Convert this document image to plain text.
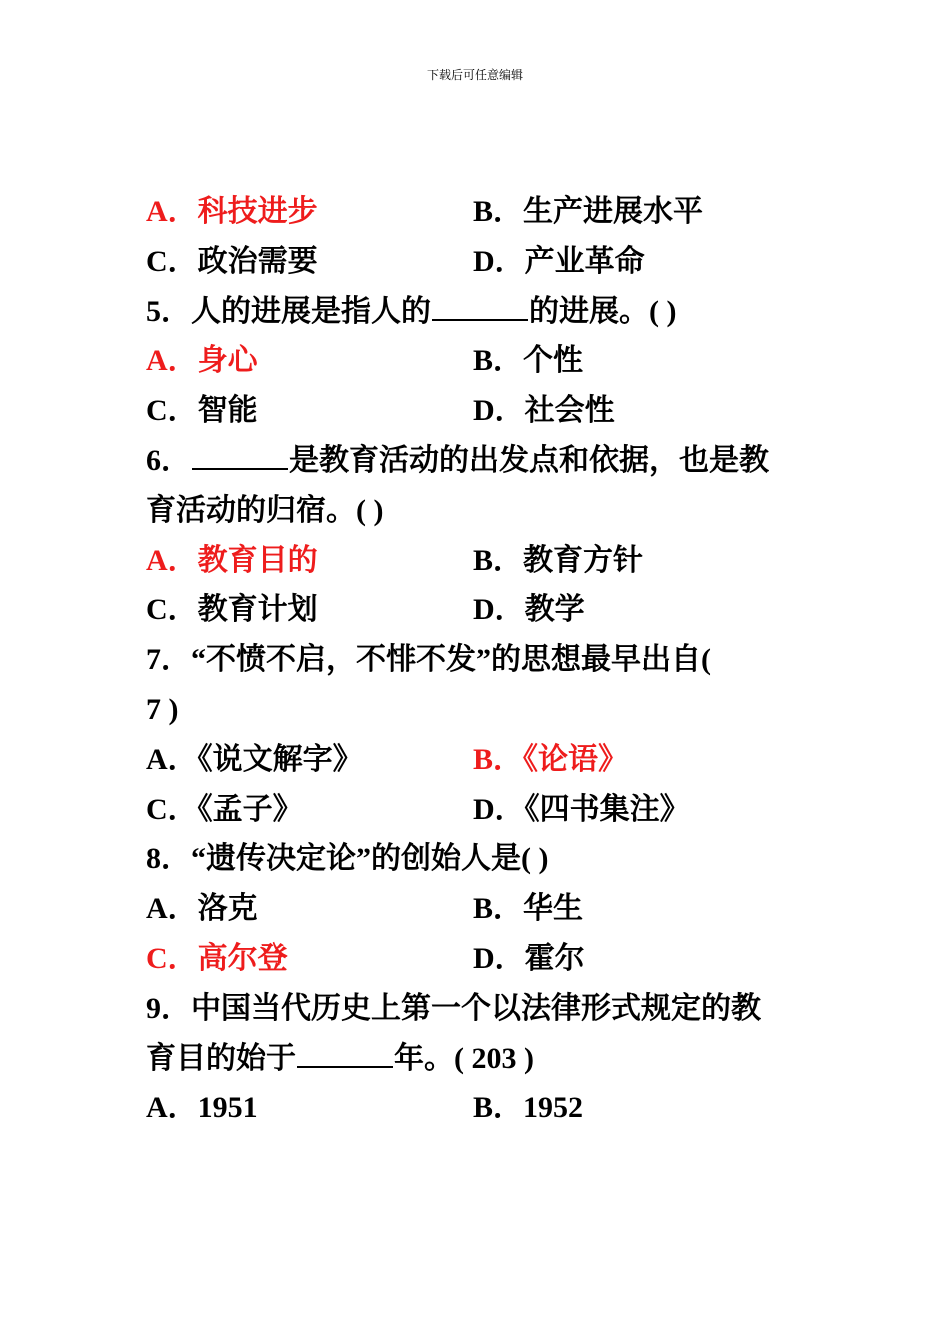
下载后可任意编辑
A．科技进步	B．生产进展水平
C．政治需要	D．产业革命
5．人的进展是指人的	的进展。( )
A．身心	B．个性
C．智能	D．社会性
6．	是教育活动的出发点和依据，也是教
育活动的归宿。( )
A．教育目的	B．教育方针
C．教育计划	D．教学
7．“不愤不启，不悱不发”的思想最早出自(
7 )
A．《说文解字》	B．《论语》
C．《孟子》	D．《四书集注》
8．“遗传决定论”的创始人是( )
A．洛克	B．华生
C．高尔登	D．霍尔
9．中国当代历史上第一个以法律形式规定的教
育目的始于	年。( 203 )
A．1951	B．1952
